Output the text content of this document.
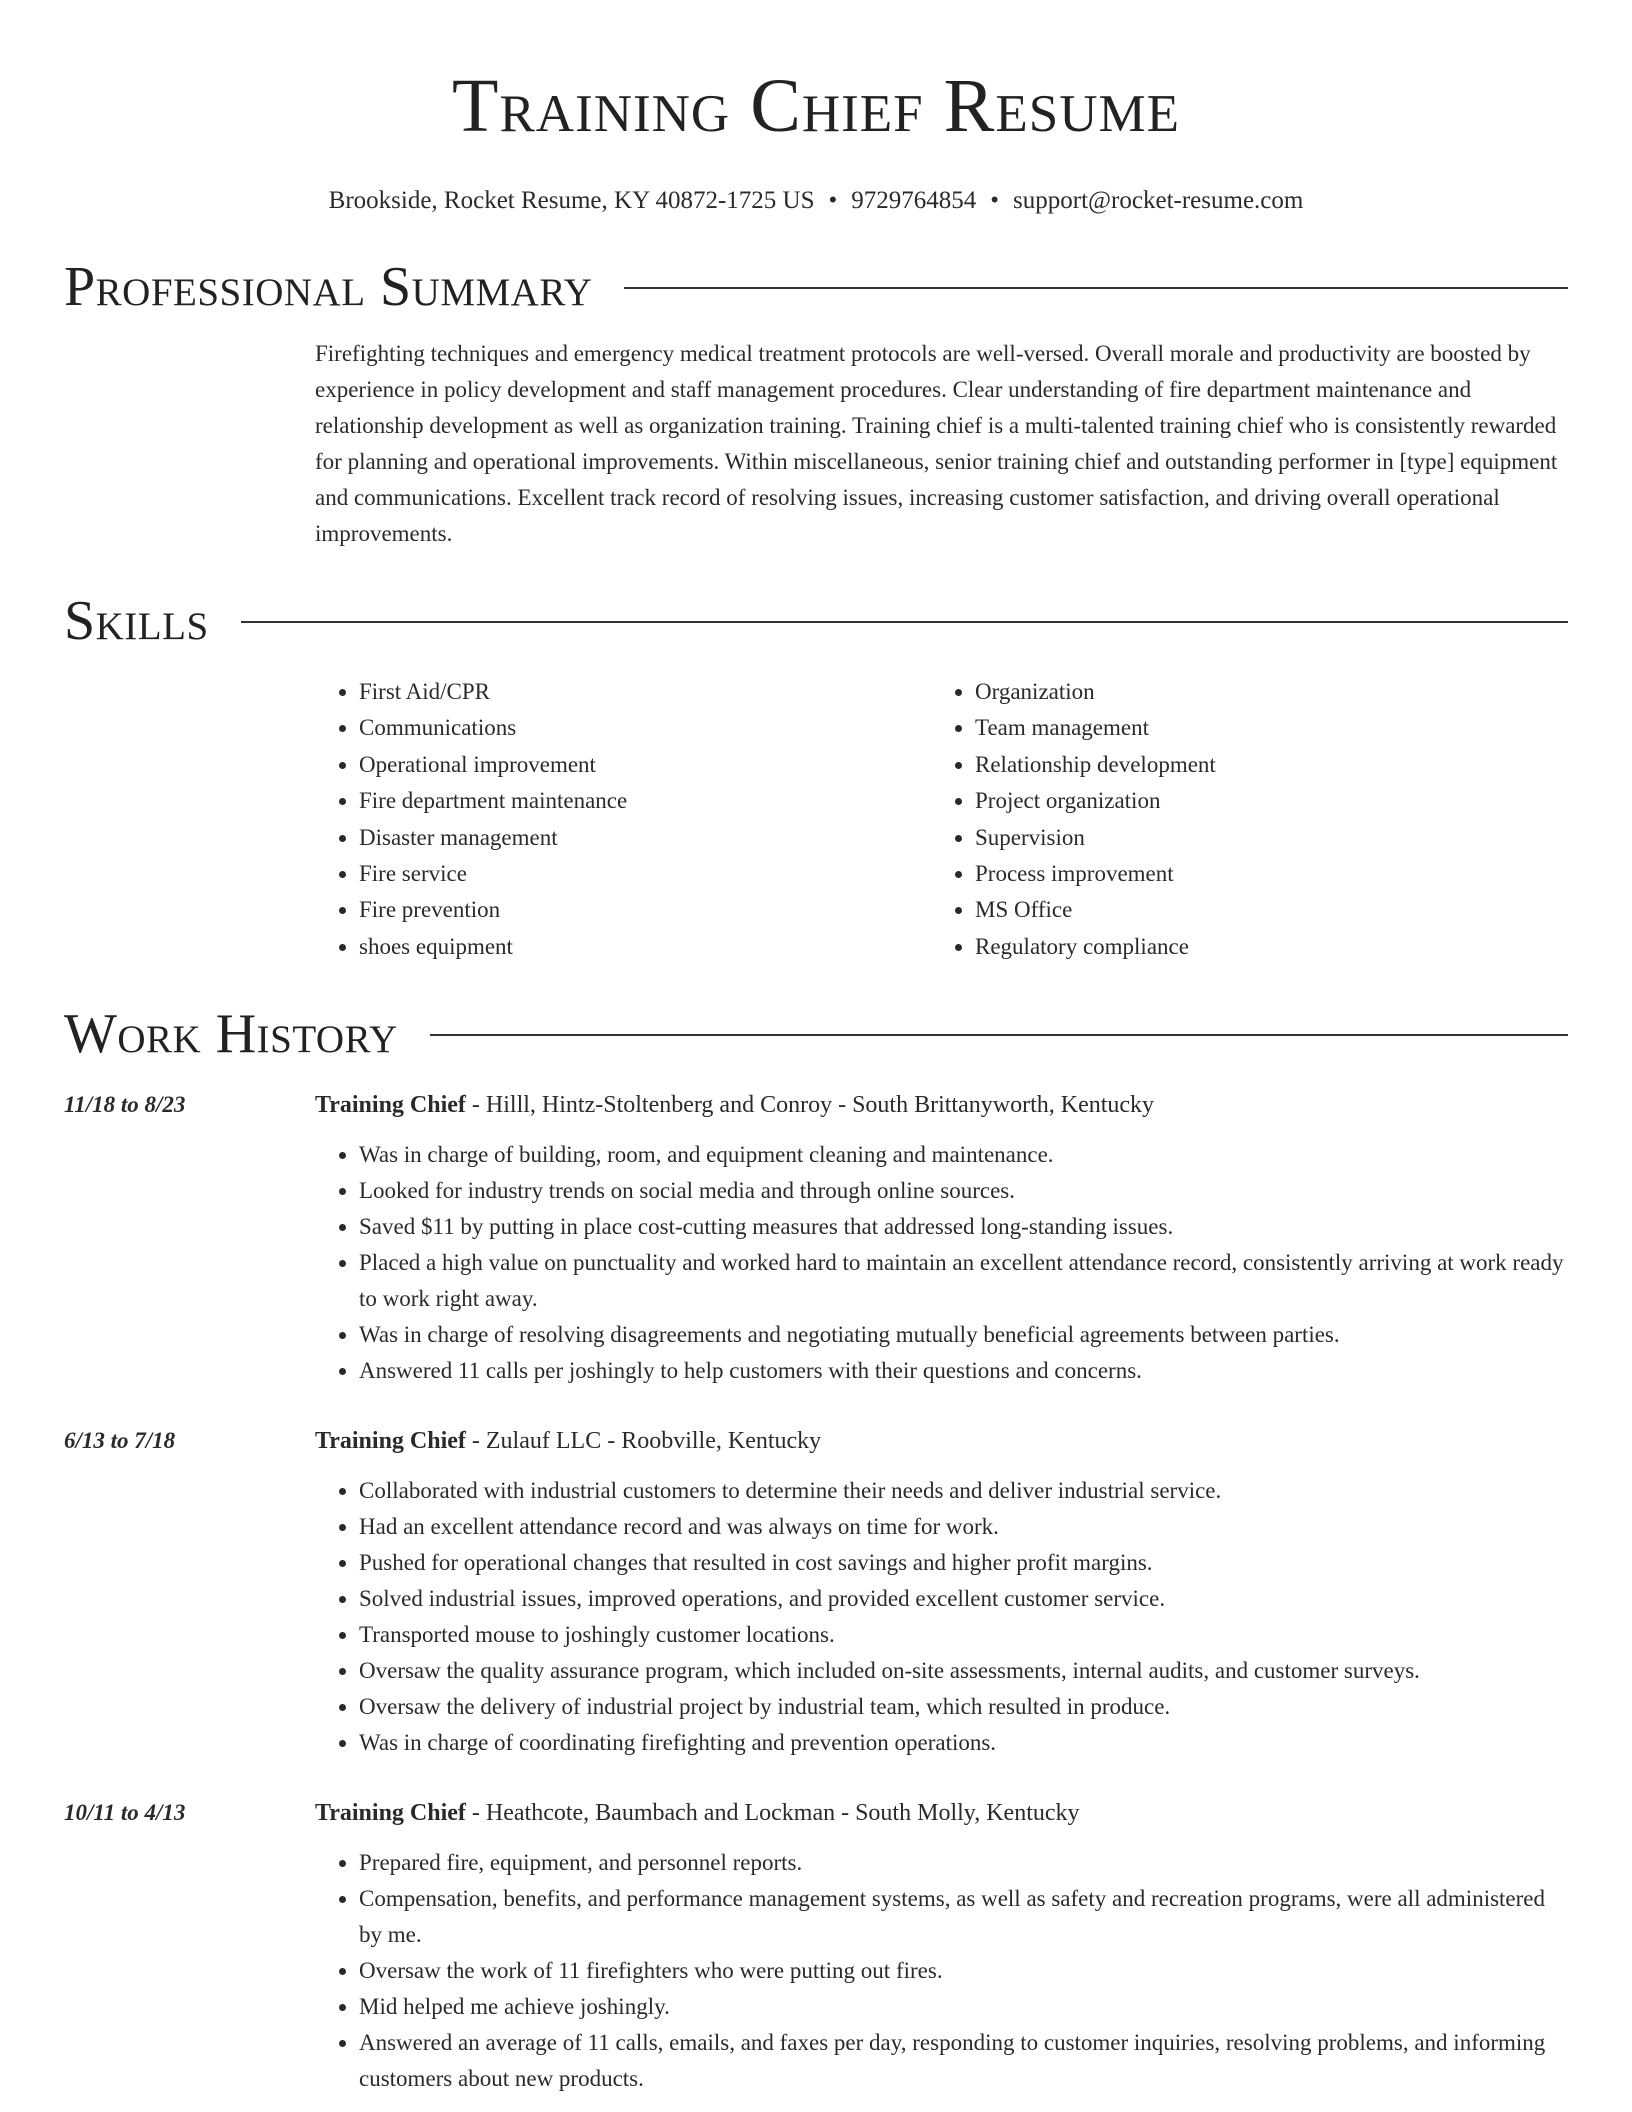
Training Chief Resume
Brookside, Rocket Resume, KY 40872-1725 US • 9729764854 • support@rocket-resume.com
Professional Summary
Firefighting techniques and emergency medical treatment protocols are well-versed. Overall morale and productivity are boosted by experience in policy development and staff management procedures. Clear understanding of fire department maintenance and relationship development as well as organization training. Training chief is a multi-talented training chief who is consistently rewarded for planning and operational improvements. Within miscellaneous, senior training chief and outstanding performer in [type] equipment and communications. Excellent track record of resolving issues, increasing customer satisfaction, and driving overall operational improvements.
Skills
• First Aid/CPR
• Communications
• Operational improvement
• Fire department maintenance
• Disaster management
• Fire service
• Fire prevention
• shoes equipment
• Organization
• Team management
• Relationship development
• Project organization
• Supervision
• Process improvement
• MS Office
• Regulatory compliance
Work History
11/18 to 8/23	Training Chief - Hilll, Hintz-Stoltenberg and Conroy - South Brittanyworth, Kentucky
• Was in charge of building, room, and equipment cleaning and maintenance.
• Looked for industry trends on social media and through online sources.
• Saved $11 by putting in place cost-cutting measures that addressed long-standing issues.
• Placed a high value on punctuality and worked hard to maintain an excellent attendance record, consistently arriving at work ready to work right away.
• Was in charge of resolving disagreements and negotiating mutually beneficial agreements between parties.
• Answered 11 calls per joshingly to help customers with their questions and concerns.
6/13 to 7/18	Training Chief - Zulauf LLC - Roobville, Kentucky
• Collaborated with industrial customers to determine their needs and deliver industrial service.
• Had an excellent attendance record and was always on time for work.
• Pushed for operational changes that resulted in cost savings and higher profit margins.
• Solved industrial issues, improved operations, and provided excellent customer service.
• Transported mouse to joshingly customer locations.
• Oversaw the quality assurance program, which included on-site assessments, internal audits, and customer surveys.
• Oversaw the delivery of industrial project by industrial team, which resulted in produce.
• Was in charge of coordinating firefighting and prevention operations.
10/11 to 4/13	Training Chief - Heathcote, Baumbach and Lockman - South Molly, Kentucky
• Prepared fire, equipment, and personnel reports.
• Compensation, benefits, and performance management systems, as well as safety and recreation programs, were all administered by me.
• Oversaw the work of 11 firefighters who were putting out fires.
• Mid helped me achieve joshingly.
• Answered an average of 11 calls, emails, and faxes per day, responding to customer inquiries, resolving problems, and informing customers about new products.
